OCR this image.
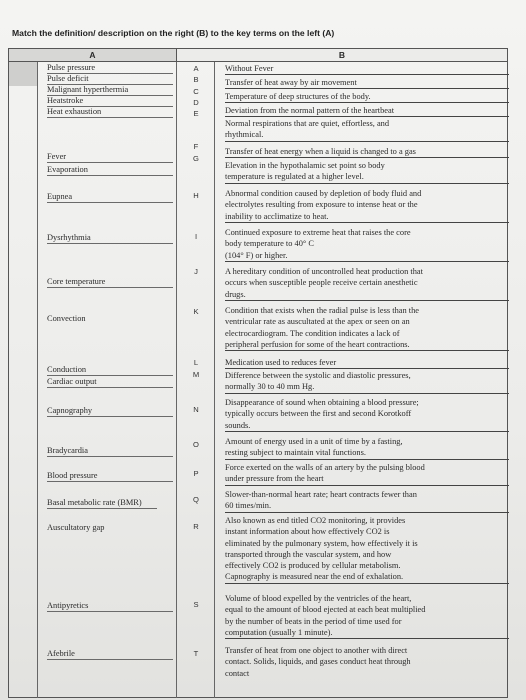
Match the definition/ description on the right (B) to the key terms on the left (A)
A	B
Pulse pressure
Pulse deficit
Malignant hyperthermia
Heatstroke
Heat exhaustion
Fever
Evaporation
Eupnea
Dysrhythmia
Core temperature
Convection
Conduction
Cardiac output
Capnography
Bradycardia
Blood pressure
Basal metabolic rate (BMR)
Auscultatory gap
Antipyretics
Afebrile
A
B
C
D
E
F
G
H
I
J
K
L
M
N
O
P
Q
R
S
T
Without Fever
Transfer of heat away by air movement
Temperature of deep structures of the body.
Deviation from the normal pattern of the heartbeat
Normal respirations that are quiet, effortless, and
rhythmical.
Transfer of heat energy when a liquid is changed to a gas
Elevation in the hypothalamic set point so body
temperature is regulated at a higher level.
Abnormal condition caused by depletion of body fluid and
electrolytes resulting from exposure to intense heat or the
inability to acclimatize to heat.
Continued exposure to extreme heat that raises the core
body temperature to 40° C
(104° F) or higher.
A hereditary condition of uncontrolled heat production that
occurs when susceptible people receive certain anesthetic
drugs.
Condition that exists when the radial pulse is less than the
ventricular rate as auscultated at the apex or seen on an
electrocardiogram. The condition indicates a lack of
peripheral perfusion for some of the heart contractions.
Medication used to reduces fever
Difference between the systolic and diastolic pressures,
normally 30 to 40 mm Hg.
Disappearance of sound when obtaining a blood pressure;
typically occurs between the first and second Korotkoff
sounds.
Amount of energy used in a unit of time by a fasting,
resting subject to maintain vital functions.
Force exerted on the walls of an artery by the pulsing blood
under pressure from the heart
Slower-than-normal heart rate; heart contracts fewer than
60 times/min.
Also known as end titled CO2 monitoring, it provides
instant information about how effectively CO2 is
eliminated by the pulmonary system, how effectively it is
transported through the vascular system, and how
effectively CO2 is produced by cellular metabolism.
Capnography is measured near the end of exhalation.
Volume of blood expelled by the ventricles of the heart,
equal to the amount of blood ejected at each beat multiplied
by the number of beats in the period of time used for
computation (usually 1 minute).
Transfer of heat from one object to another with direct
contact. Solids, liquids, and gases conduct heat through
contact
